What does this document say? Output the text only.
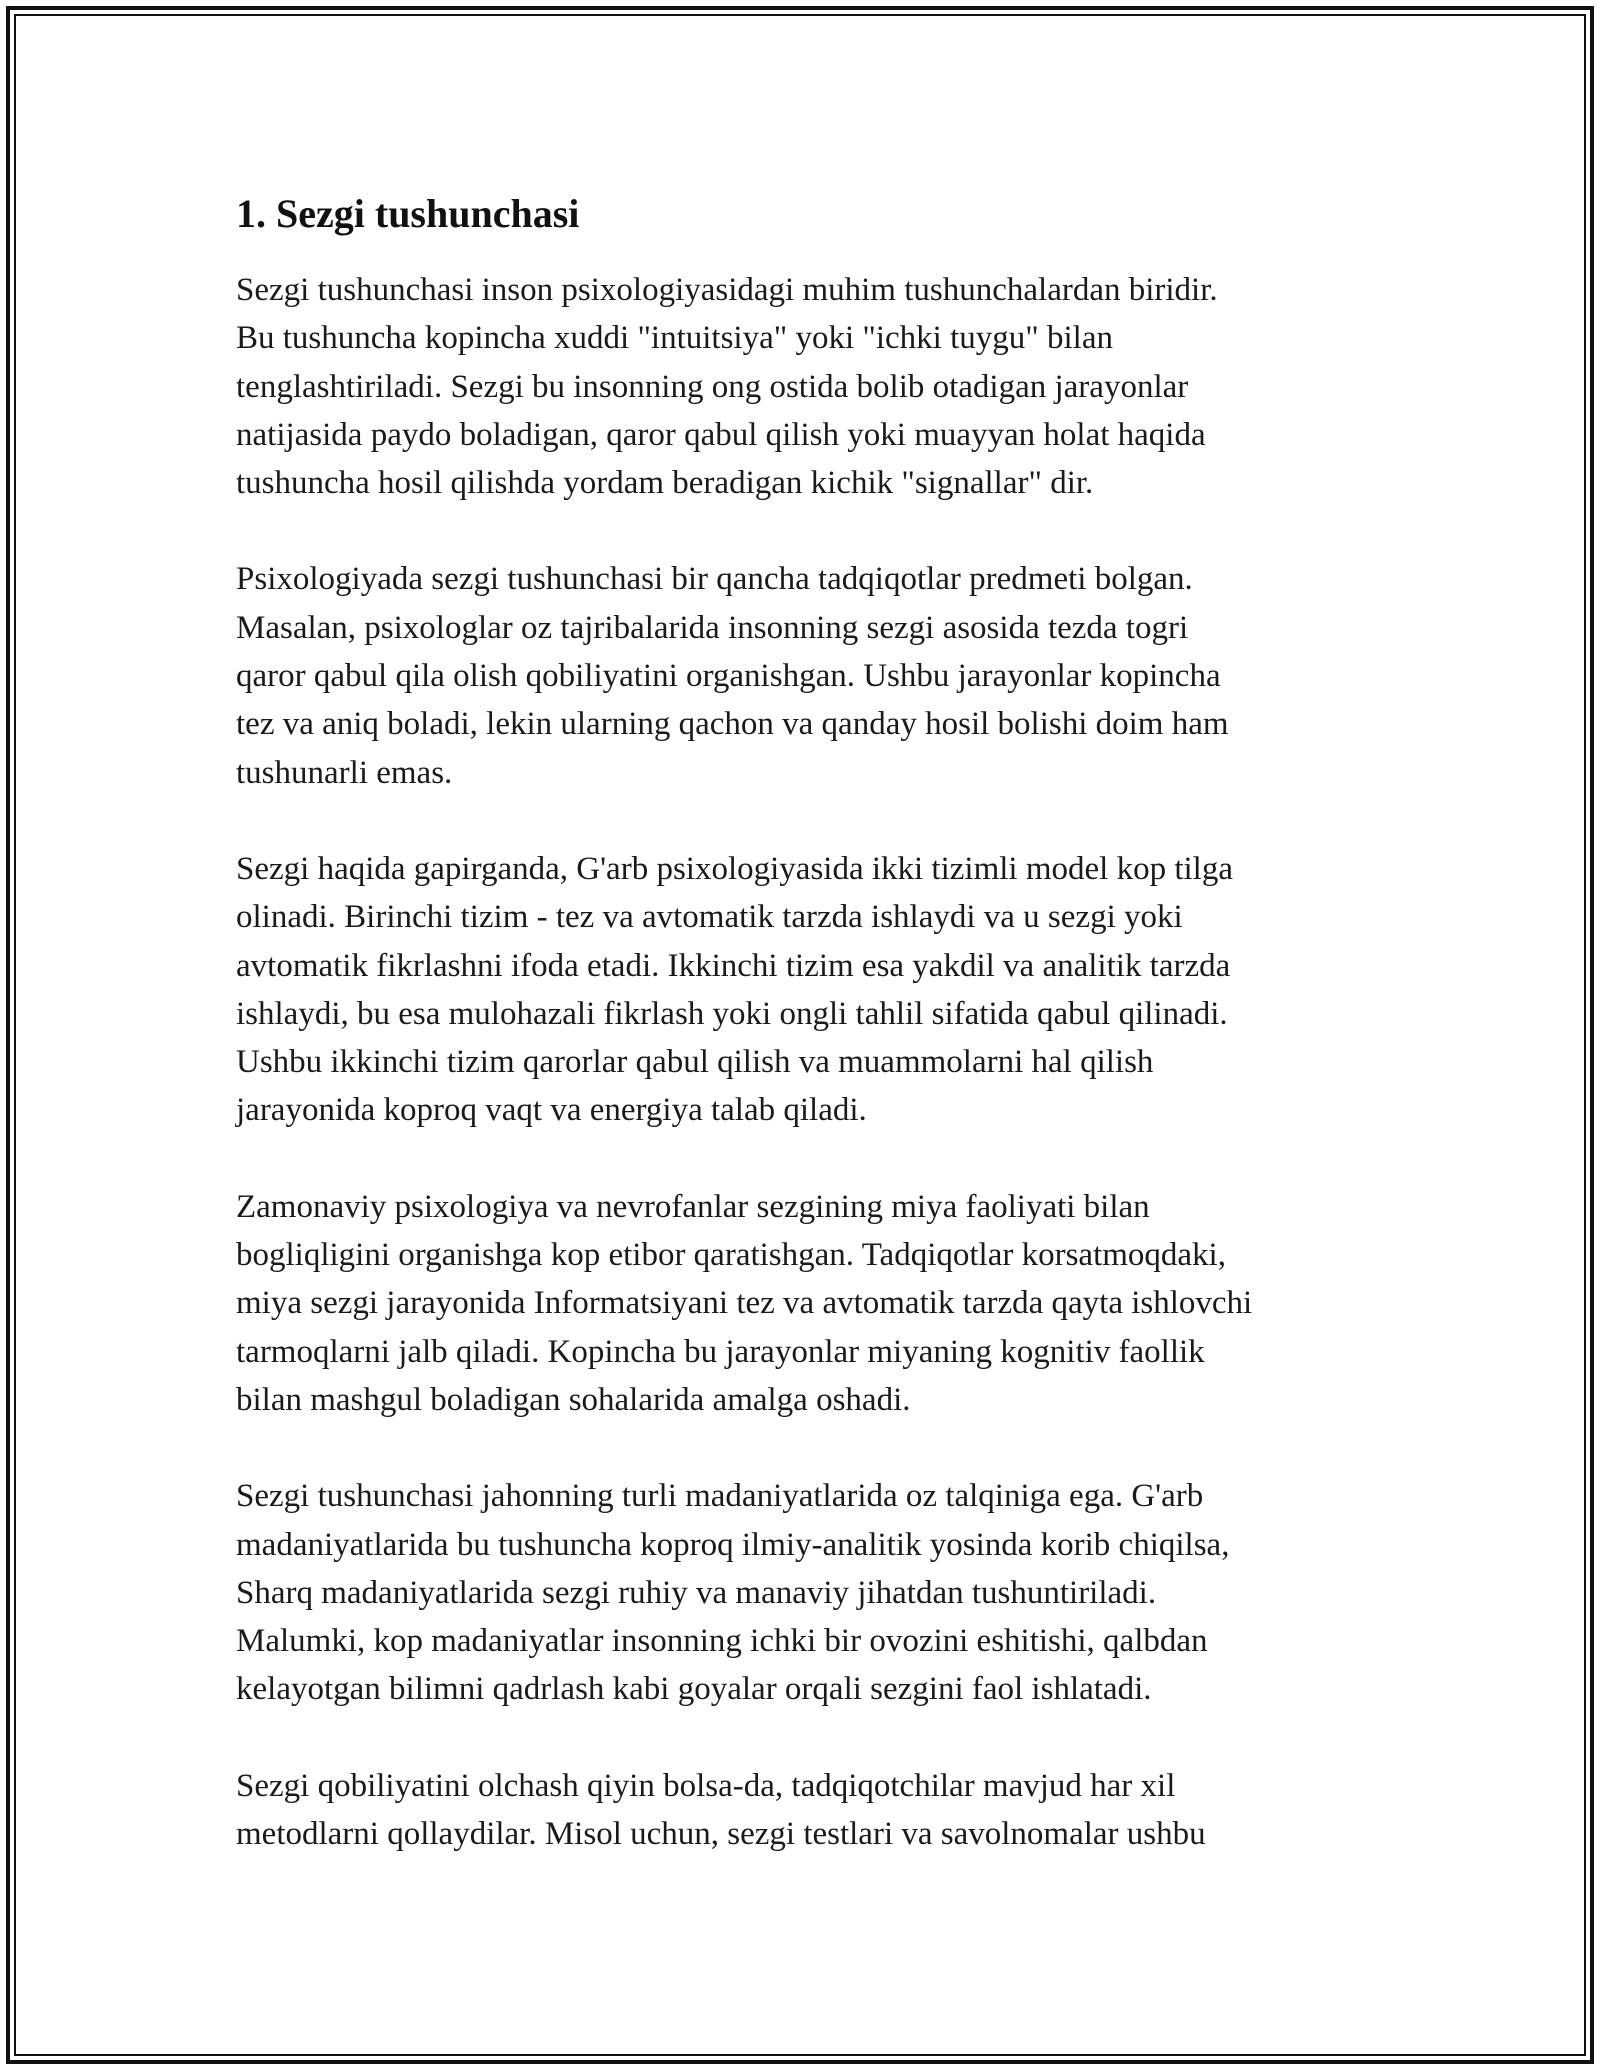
1. Sezgi tushunchasi

Sezgi tushunchasi inson psixologiyasidagi muhim tushunchalardan biridir.
Bu tushuncha kopincha xuddi "intuitsiya" yoki "ichki tuygu" bilan
tenglashtiriladi. Sezgi bu insonning ong ostida bolib otadigan jarayonlar
natijasida paydo boladigan, qaror qabul qilish yoki muayyan holat haqida
tushuncha hosil qilishda yordam beradigan kichik "signallar" dir.

Psixologiyada sezgi tushunchasi bir qancha tadqiqotlar predmeti bolgan.
Masalan, psixologlar oz tajribalarida insonning sezgi asosida tezda togri
qaror qabul qila olish qobiliyatini organishgan. Ushbu jarayonlar kopincha
tez va aniq boladi, lekin ularning qachon va qanday hosil bolishi doim ham
tushunarli emas.

Sezgi haqida gapirganda, G'arb psixologiyasida ikki tizimli model kop tilga
olinadi. Birinchi tizim - tez va avtomatik tarzda ishlaydi va u sezgi yoki
avtomatik fikrlashni ifoda etadi. Ikkinchi tizim esa yakdil va analitik tarzda
ishlaydi, bu esa mulohazali fikrlash yoki ongli tahlil sifatida qabul qilinadi.
Ushbu ikkinchi tizim qarorlar qabul qilish va muammolarni hal qilish
jarayonida koproq vaqt va energiya talab qiladi.

Zamonaviy psixologiya va nevrofanlar sezgining miya faoliyati bilan
bogliqligini organishga kop etibor qaratishgan. Tadqiqotlar korsatmoqdaki,
miya sezgi jarayonida Informatsiyani tez va avtomatik tarzda qayta ishlovchi
tarmoqlarni jalb qiladi. Kopincha bu jarayonlar miyaning kognitiv faollik
bilan mashgul boladigan sohalarida amalga oshadi.

Sezgi tushunchasi jahonning turli madaniyatlarida oz talqiniga ega. G'arb
madaniyatlarida bu tushuncha koproq ilmiy-analitik yosinda korib chiqilsa,
Sharq madaniyatlarida sezgi ruhiy va manaviy jihatdan tushuntiriladi.
Malumki, kop madaniyatlar insonning ichki bir ovozini eshitishi, qalbdan
kelayotgan bilimni qadrlash kabi goyalar orqali sezgini faol ishlatadi.

Sezgi qobiliyatini olchash qiyin bolsa-da, tadqiqotchilar mavjud har xil
metodlarni qollaydilar. Misol uchun, sezgi testlari va savolnomalar ushbu
